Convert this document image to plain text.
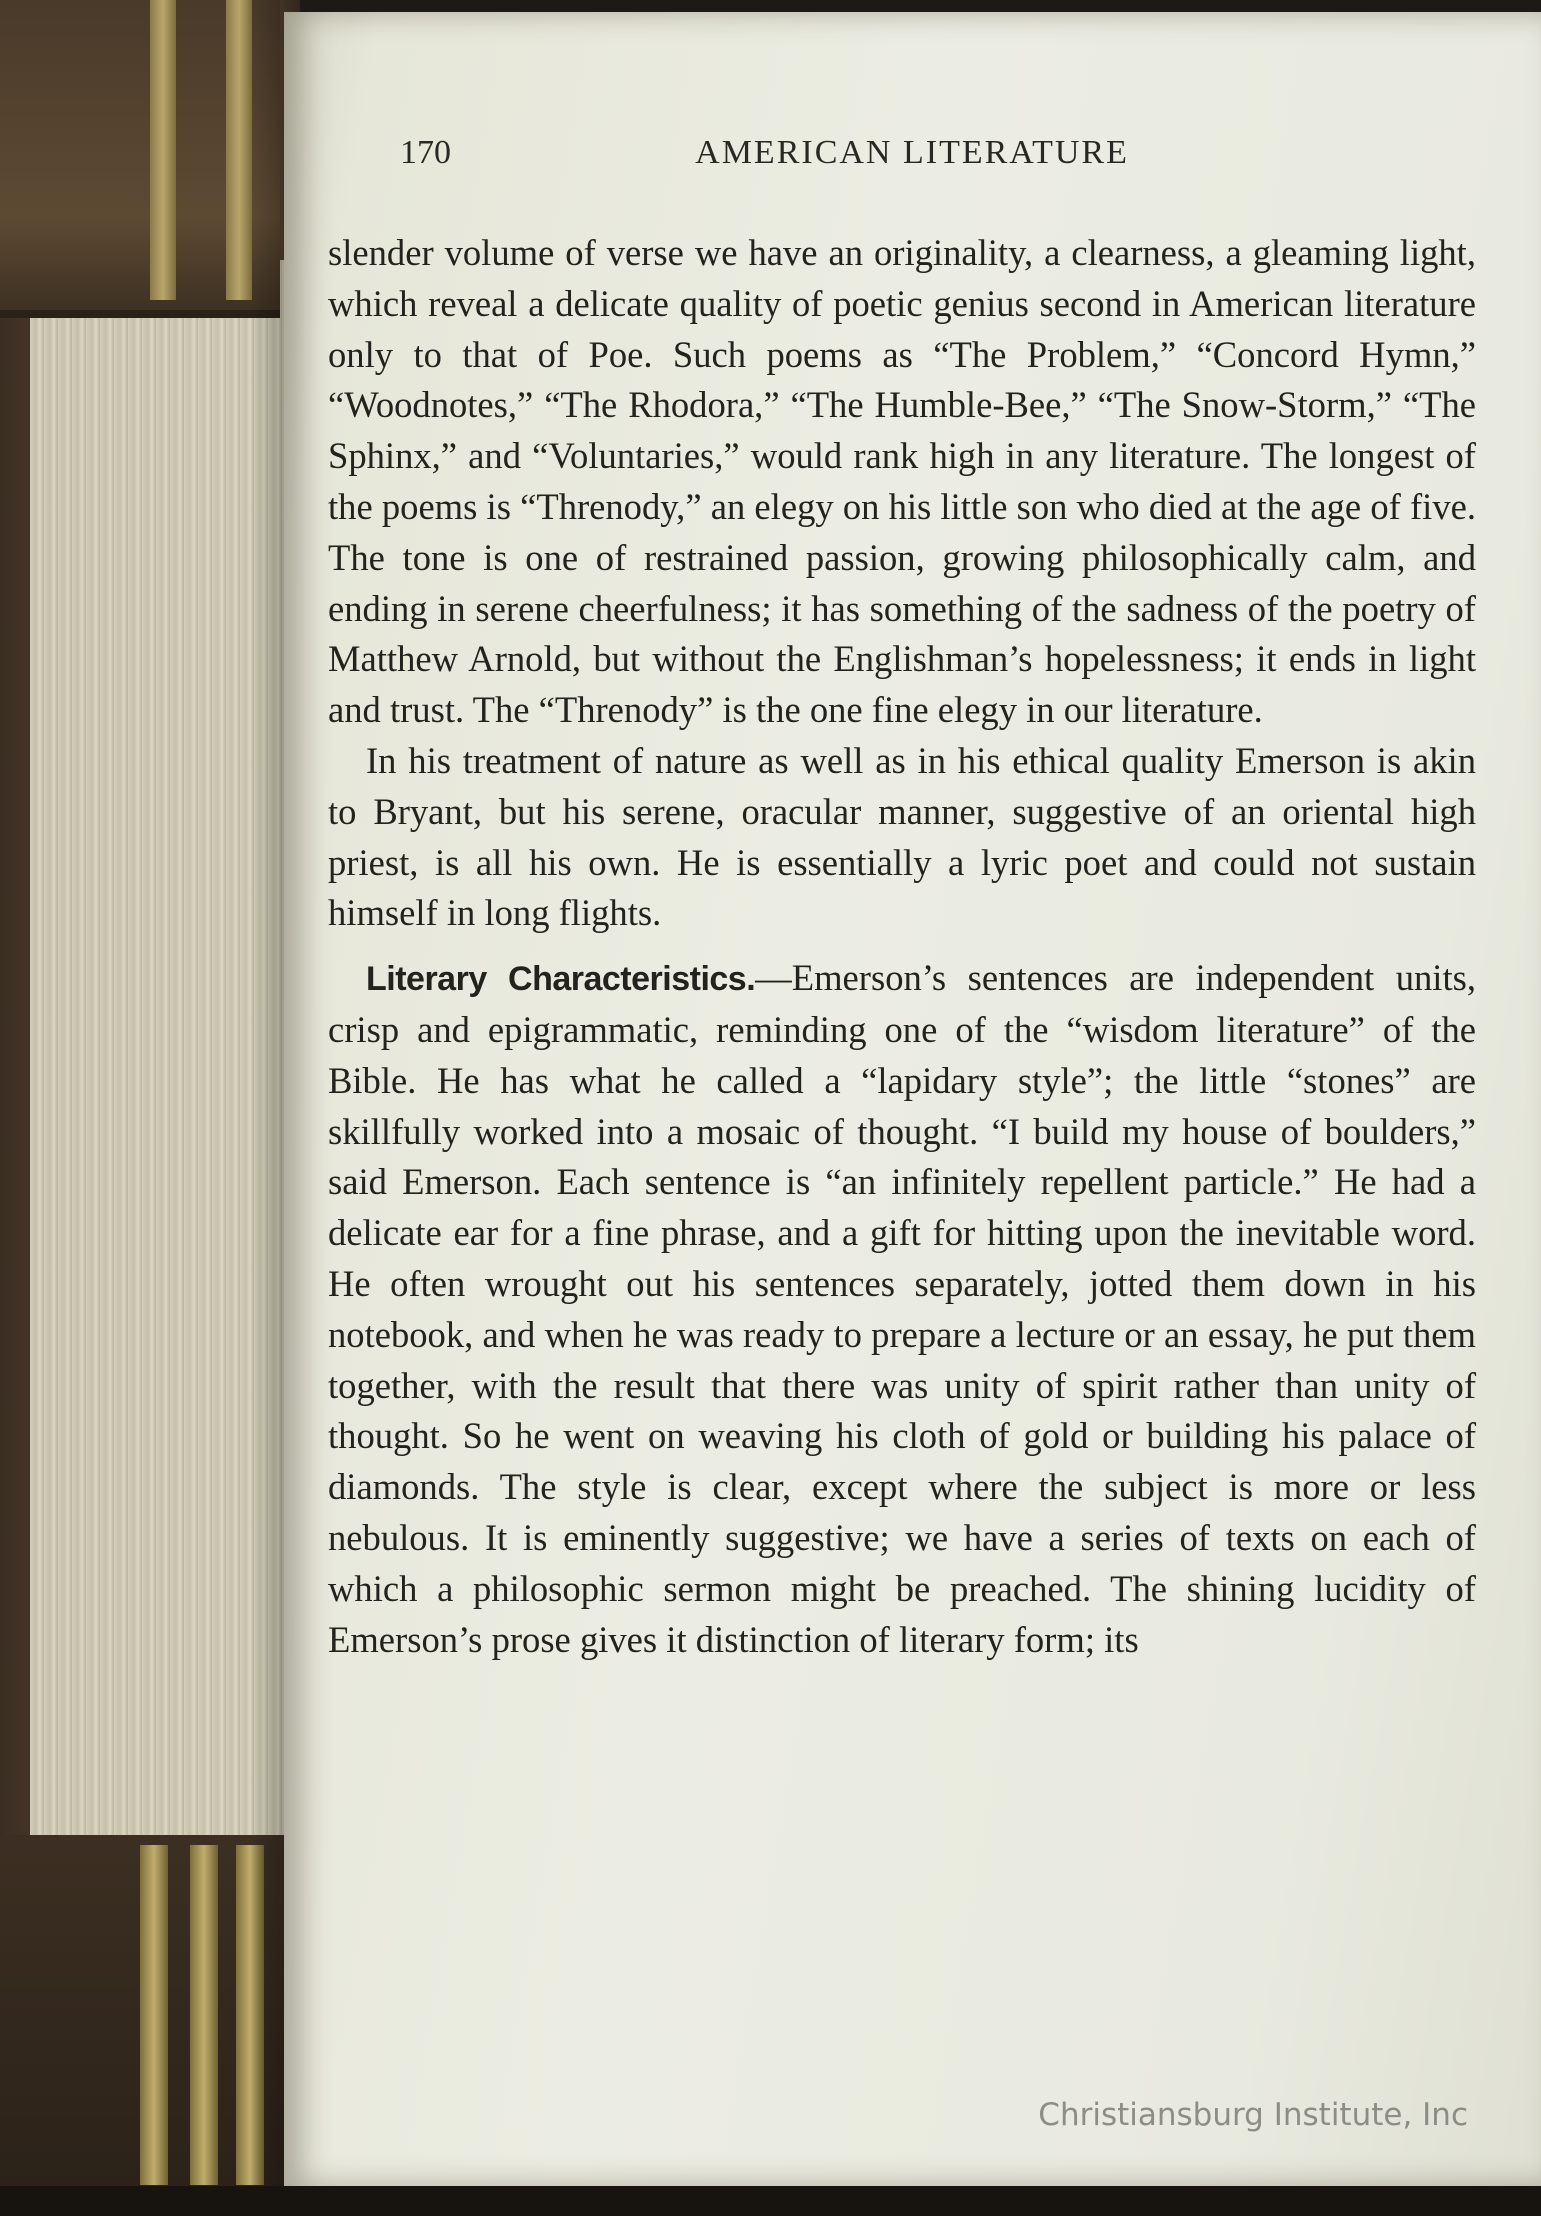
170	AMERICAN LITERATURE

slender volume of verse we have an originality, a clearness, a gleaming light, which reveal a delicate quality of poetic genius second in American literature only to that of Poe. Such poems as “The Problem,” “Concord Hymn,” “Woodnotes,” “The Rhodora,” “The Humble-Bee,” “The Snow-Storm,” “The Sphinx,” and “Voluntaries,” would rank high in any literature. The longest of the poems is “Threnody,” an elegy on his little son who died at the age of five. The tone is one of restrained passion, growing philosophically calm, and ending in serene cheerfulness; it has something of the sadness of the poetry of Matthew Arnold, but without the Englishman’s hopelessness; it ends in light and trust. The “Threnody” is the one fine elegy in our literature.

In his treatment of nature as well as in his ethical quality Emerson is akin to Bryant, but his serene, oracular manner, suggestive of an oriental high priest, is all his own. He is essentially a lyric poet and could not sustain himself in long flights.

Literary Characteristics.—Emerson’s sentences are independent units, crisp and epigrammatic, reminding one of the “wisdom literature” of the Bible. He has what he called a “lapidary style”; the little “stones” are skillfully worked into a mosaic of thought. “I build my house of boulders,” said Emerson. Each sentence is “an infinitely repellent particle.” He had a delicate ear for a fine phrase, and a gift for hitting upon the inevitable word. He often wrought out his sentences separately, jotted them down in his notebook, and when he was ready to prepare a lecture or an essay, he put them together, with the result that there was unity of spirit rather than unity of thought. So he went on weaving his cloth of gold or building his palace of diamonds. The style is clear, except where the subject is more or less nebulous. It is eminently suggestive; we have a series of texts on each of which a philosophic sermon might be preached. The shining lucidity of Emerson’s prose gives it distinction of literary form; its

Christiansburg Institute, Inc
